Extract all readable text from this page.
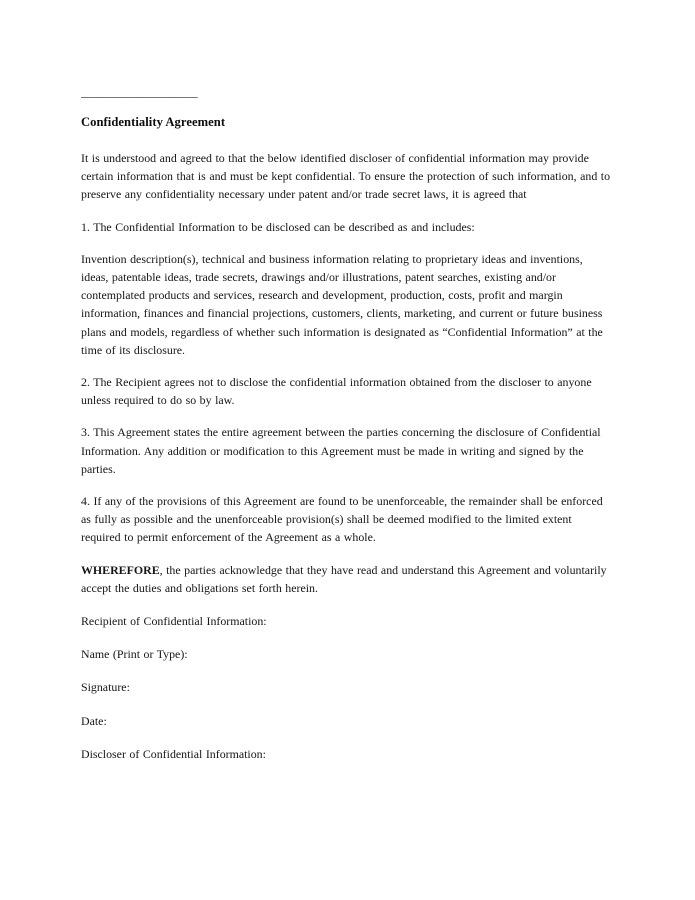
_____________________
Confidentiality Agreement

It is understood and agreed to that the below identified discloser of confidential information may provide certain information that is and must be kept confidential. To ensure the protection of such information, and to preserve any confidentiality necessary under patent and/or trade secret laws, it is agreed that

1. The Confidential Information to be disclosed can be described as and includes:

Invention description(s), technical and business information relating to proprietary ideas and inventions, ideas, patentable ideas, trade secrets, drawings and/or illustrations, patent searches, existing and/or contemplated products and services, research and development, production, costs, profit and margin information, finances and financial projections, customers, clients, marketing, and current or future business plans and models, regardless of whether such information is designated as “Confidential Information” at the time of its disclosure.

2. The Recipient agrees not to disclose the confidential information obtained from the discloser to anyone unless required to do so by law.

3. This Agreement states the entire agreement between the parties concerning the disclosure of Confidential Information. Any addition or modification to this Agreement must be made in writing and signed by the parties.

4. If any of the provisions of this Agreement are found to be unenforceable, the remainder shall be enforced as fully as possible and the unenforceable provision(s) shall be deemed modified to the limited extent required to permit enforcement of the Agreement as a whole.

WHEREFORE, the parties acknowledge that they have read and understand this Agreement and voluntarily accept the duties and obligations set forth herein.

Recipient of Confidential Information:

Name (Print or Type):

Signature:

Date:

Discloser of Confidential Information:
